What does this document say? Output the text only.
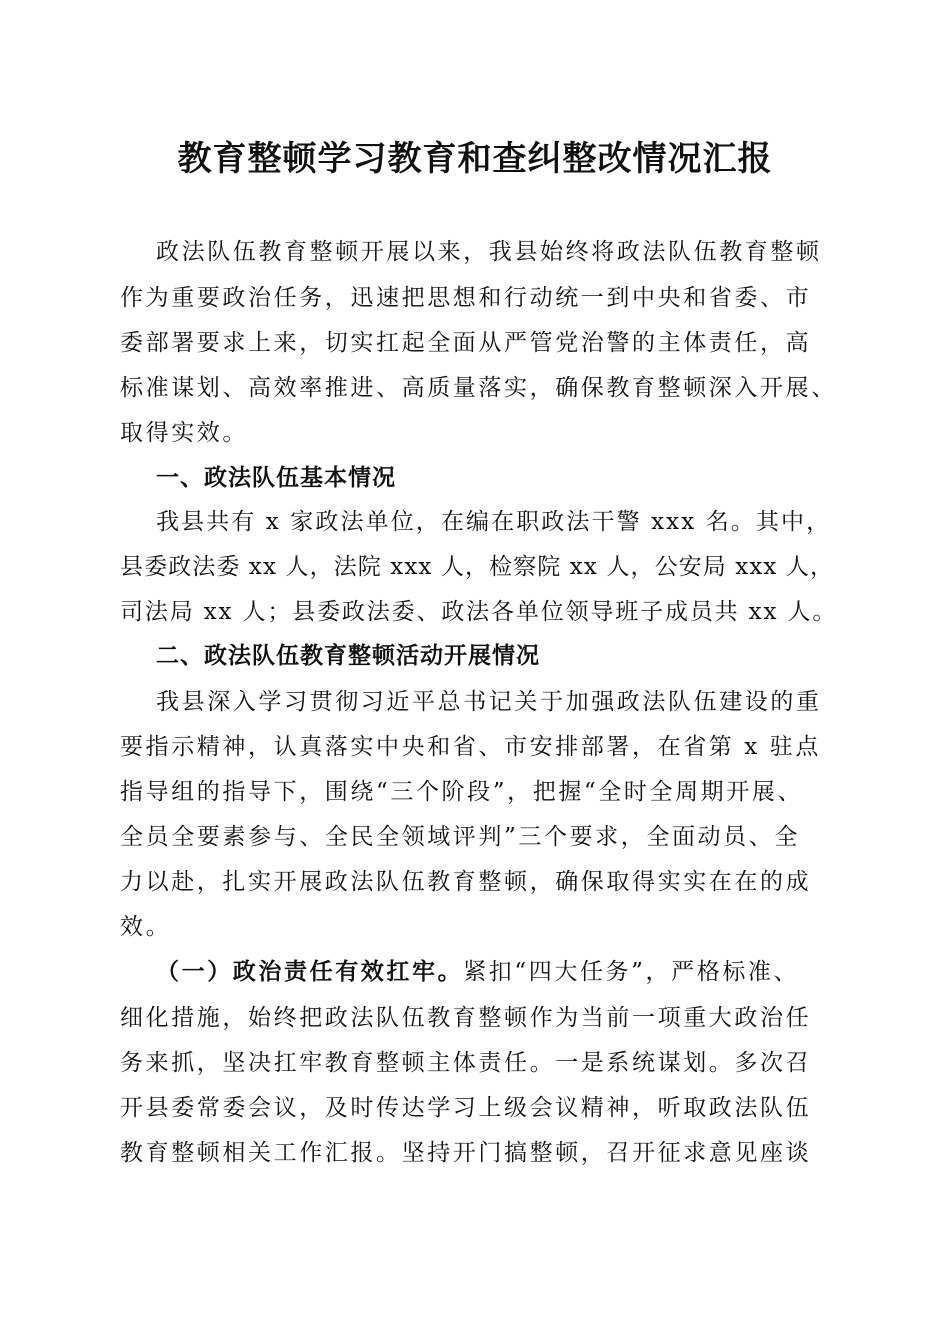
教育整顿学习教育和查纠整改情况汇报
政法队伍教育整顿开展以来，我县始终将政法队伍教育整顿
作为重要政治任务，迅速把思想和行动统一到中央和省委、市
委部署要求上来，切实扛起全面从严管党治警的主体责任，高
标准谋划、高效率推进、高质量落实，确保教育整顿深入开展、
取得实效。
一、政法队伍基本情况
我县共有 x 家政法单位，在编在职政法干警 xxx 名。其中，
县委政法委 xx 人，法院 xxx 人，检察院 xx 人，公安局 xxx 人，
司法局 xx 人；县委政法委、政法各单位领导班子成员共 xx 人。
二、政法队伍教育整顿活动开展情况
我县深入学习贯彻习近平总书记关于加强政法队伍建设的重
要指示精神，认真落实中央和省、市安排部署，在省第 x 驻点
指导组的指导下，围绕“三个阶段”，把握“全时全周期开展、
全员全要素参与、全民全领域评判”三个要求，全面动员、全
力以赴，扎实开展政法队伍教育整顿，确保取得实实在在的成
效。
（一）政治责任有效扛牢。紧扣“四大任务”，严格标准、
细化措施，始终把政法队伍教育整顿作为当前一项重大政治任
务来抓，坚决扛牢教育整顿主体责任。一是系统谋划。多次召
开县委常委会议，及时传达学习上级会议精神，听取政法队伍
教育整顿相关工作汇报。坚持开门搞整顿，召开征求意见座谈
